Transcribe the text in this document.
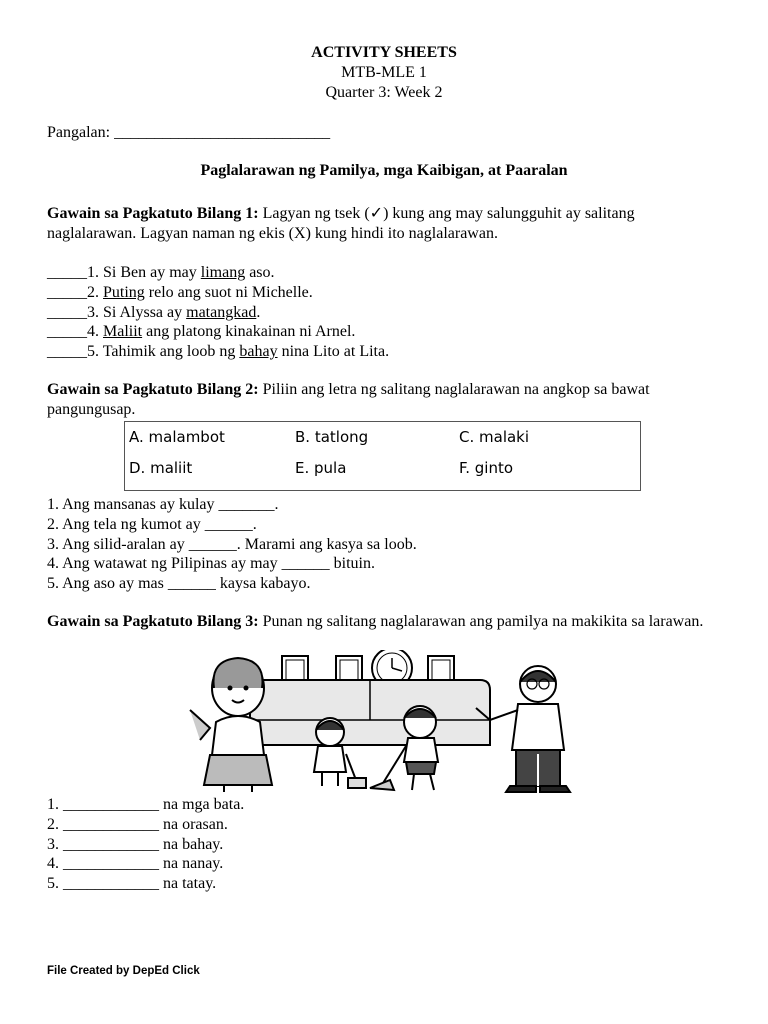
ACTIVITY SHEETS
MTB-MLE 1
Quarter 3: Week 2
Pangalan: ___________________________
Paglalarawan ng Pamilya, mga Kaibigan, at Paaralan
Gawain sa Pagkatuto Bilang 1: Lagyan ng tsek (✓) kung ang may salungguhit ay salitang naglalarawan. Lagyan naman ng ekis (X) kung hindi ito naglalarawan.
_____1. Si Ben ay may limang aso.
_____2. Puting relo ang suot ni Michelle.
_____3. Si Alyssa ay matangkad.
_____4. Maliit ang platong kinakainan ni Arnel.
_____5. Tahimik ang loob ng bahay nina Lito at Lita.
Gawain sa Pagkatuto Bilang 2: Piliin ang letra ng salitang naglalarawan na angkop sa bawat pangungusap.
A. malambot	B. tatlong	C. malaki
D. maliit	E. pula	F. ginto
1. Ang mansanas ay kulay _______.
2. Ang tela ng kumot ay ______.
3. Ang silid-aralan ay ______. Marami ang kasya sa loob.
4. Ang watawat ng Pilipinas ay may ______ bituin.
5. Ang aso ay mas ______ kaysa kabayo.
Gawain sa Pagkatuto Bilang 3: Punan ng salitang naglalarawan ang pamilya na makikita sa larawan.
1. ____________ na mga bata.
2. ____________ na orasan.
3. ____________ na bahay.
4. ____________ na nanay.
5. ____________ na tatay.
File Created by DepEd Click
